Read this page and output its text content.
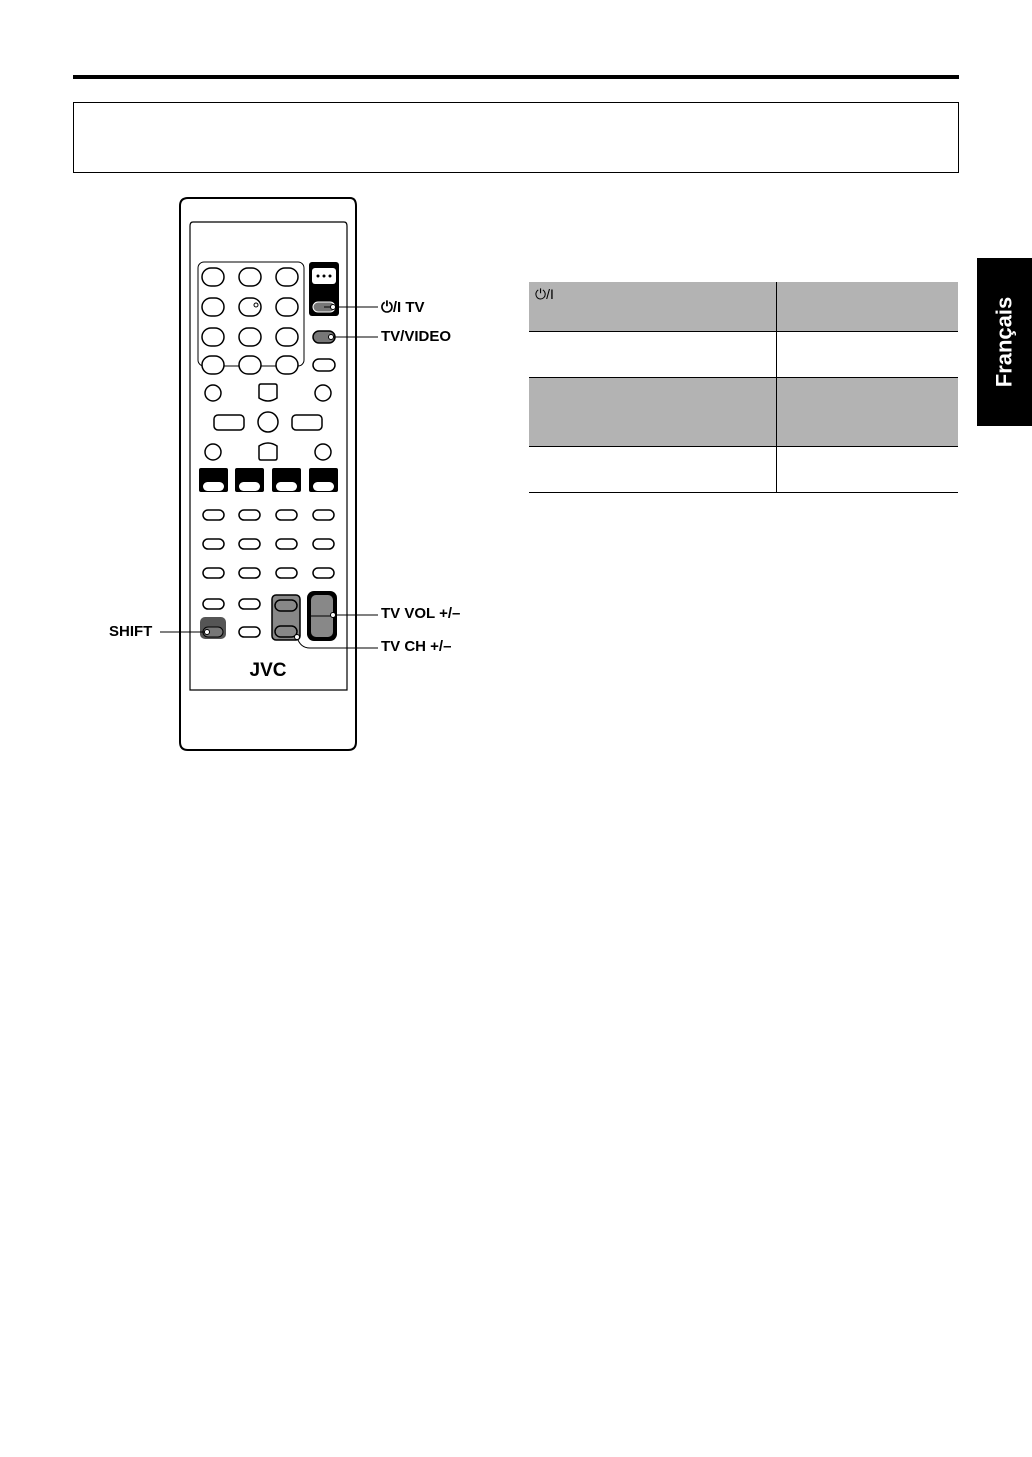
Français
JVC
⏻/I TV
TV/VIDEO
TV VOL +/–
SHIFT
TV CH +/–
⏻/I	
